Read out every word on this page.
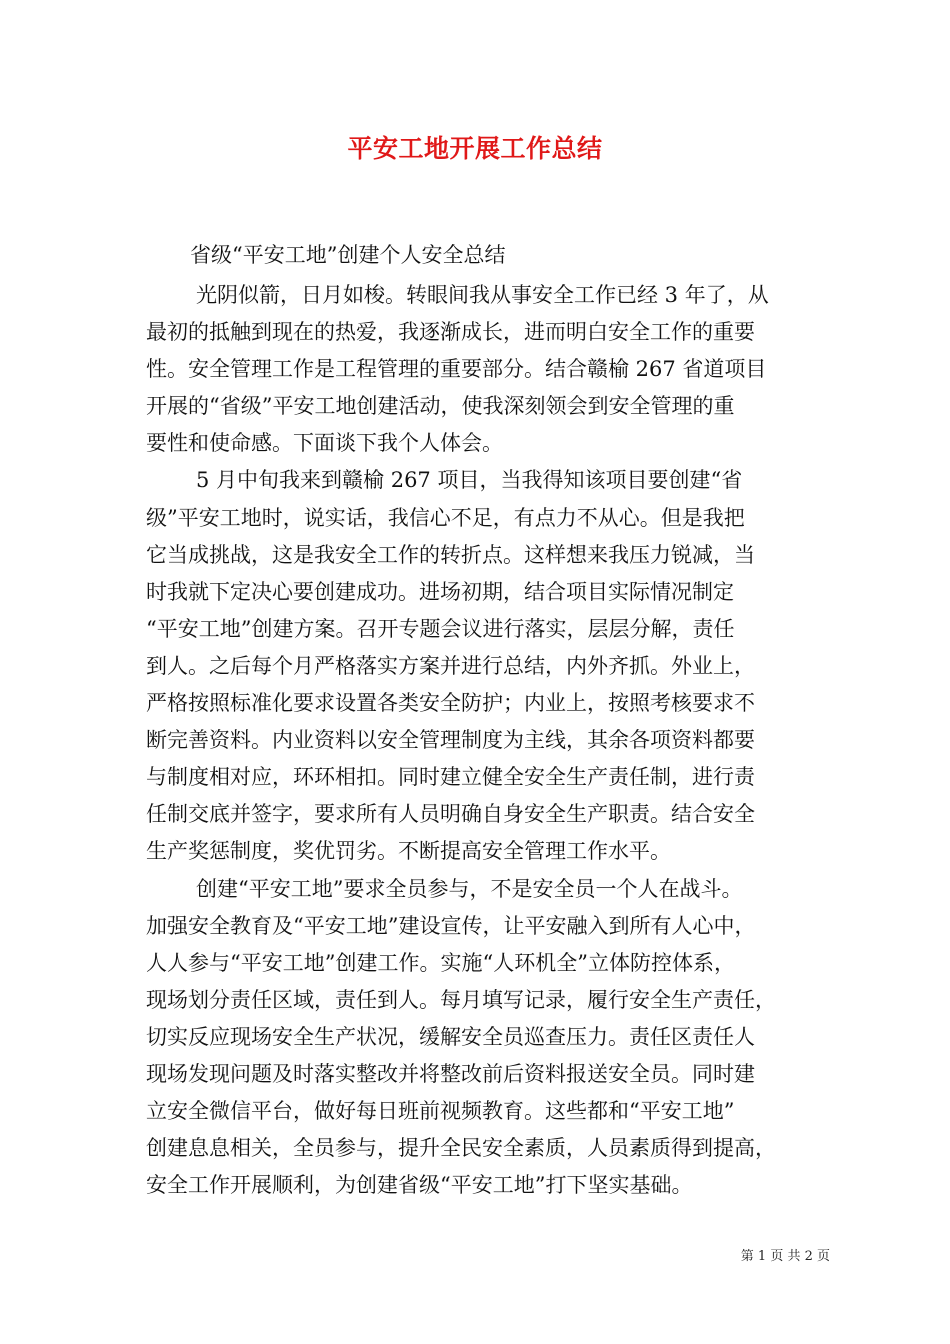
平安工地开展工作总结
省级“平安工地”创建个人安全总结
光阴似箭，日月如梭。转眼间我从事安全工作已经 3 年了，从
最初的抵触到现在的热爱，我逐渐成长，进而明白安全工作的重要
性。安全管理工作是工程管理的重要部分。结合赣榆 267 省道项目
开展的“省级”平安工地创建活动，使我深刻领会到安全管理的重
要性和使命感。下面谈下我个人体会。
5 月中旬我来到赣榆 267 项目，当我得知该项目要创建“省
级”平安工地时，说实话，我信心不足，有点力不从心。但是我把
它当成挑战，这是我安全工作的转折点。这样想来我压力锐减，当
时我就下定决心要创建成功。进场初期，结合项目实际情况制定
“平安工地”创建方案。召开专题会议进行落实，层层分解，责任
到人。之后每个月严格落实方案并进行总结，内外齐抓。外业上，
严格按照标准化要求设置各类安全防护；内业上，按照考核要求不
断完善资料。内业资料以安全管理制度为主线，其余各项资料都要
与制度相对应，环环相扣。同时建立健全安全生产责任制，进行责
任制交底并签字，要求所有人员明确自身安全生产职责。结合安全
生产奖惩制度，奖优罚劣。不断提高安全管理工作水平。
创建“平安工地”要求全员参与，不是安全员一个人在战斗。
加强安全教育及“平安工地”建设宣传，让平安融入到所有人心中，
人人参与“平安工地”创建工作。实施“人环机全”立体防控体系，
现场划分责任区域，责任到人。每月填写记录，履行安全生产责任，
切实反应现场安全生产状况，缓解安全员巡查压力。责任区责任人
现场发现问题及时落实整改并将整改前后资料报送安全员。同时建
立安全微信平台，做好每日班前视频教育。这些都和“平安工地”
创建息息相关，全员参与，提升全民安全素质，人员素质得到提高，
安全工作开展顺利，为创建省级“平安工地”打下坚实基础。
第 1 页 共 2 页
